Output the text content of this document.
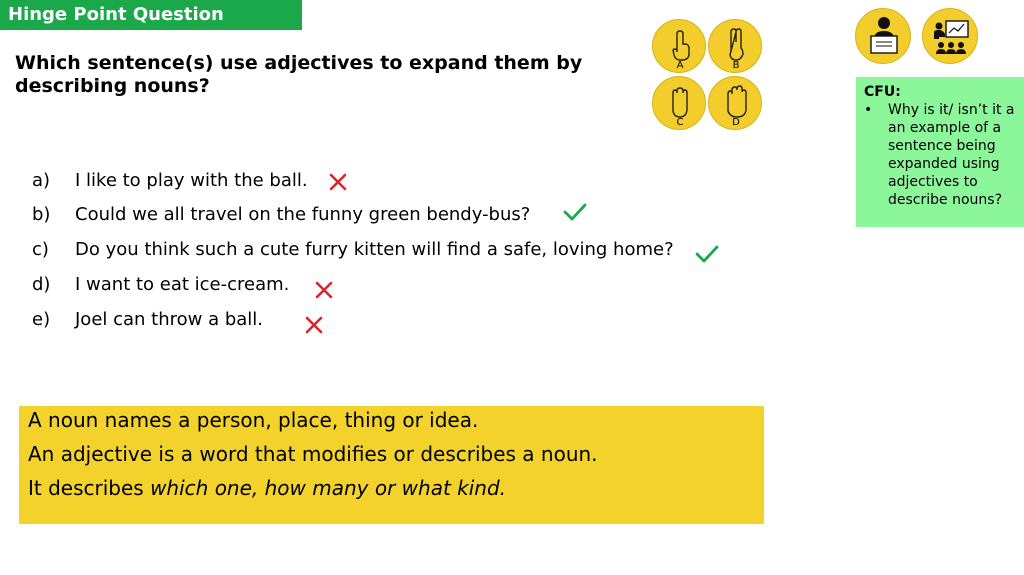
Hinge Point Question
Which sentence(s) use adjectives to expand them by describing nouns?
A	B
C	D
CFU:
•	Why is it/ isn’t it a an example of a sentence being expanded using adjectives to describe nouns?
a) I like to play with the ball.
b) Could we all travel on the funny green bendy-bus?
c) Do you think such a cute furry kitten will find a safe, loving home?
d) I want to eat ice-cream.
e) Joel can throw a ball.
A noun names a person, place, thing or idea.
An adjective is a word that modifies or describes a noun.
It describes which one, how many or what kind.
